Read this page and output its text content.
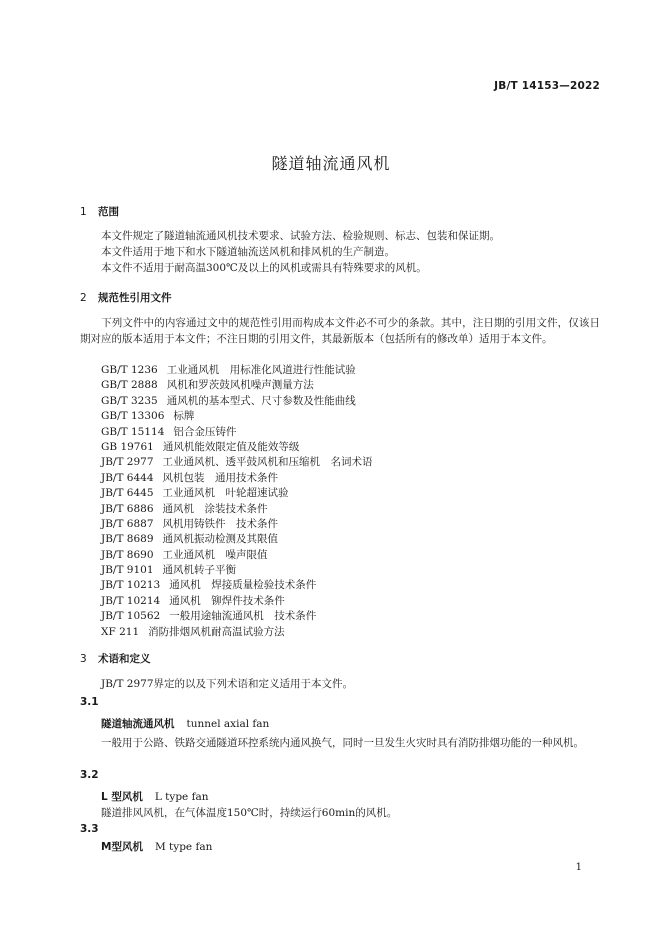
JB/T 14153—2022
隧道轴流通风机
1 范围
本文件规定了隧道轴流通风机技术要求、试验方法、检验规则、标志、包装和保证期。
本文件适用于地下和水下隧道轴流送风机和排风机的生产制造。
本文件不适用于耐高温300℃及以上的风机或需具有特殊要求的风机。
2 规范性引用文件
下列文件中的内容通过文中的规范性引用而构成本文件必不可少的条款。其中，注日期的引用文件，仅该日期对应的版本适用于本文件；不注日期的引用文件，其最新版本（包括所有的修改单）适用于本文件。
GB/T 1236 工业通风机　用标准化风道进行性能试验
GB/T 2888 风机和罗茨鼓风机噪声测量方法
GB/T 3235 通风机的基本型式、尺寸参数及性能曲线
GB/T 13306 标牌
GB/T 15114 铝合金压铸件
GB 19761 通风机能效限定值及能效等级
JB/T 2977 工业通风机、透平鼓风机和压缩机　名词术语
JB/T 6444 风机包装　通用技术条件
JB/T 6445 工业通风机　叶轮超速试验
JB/T 6886 通风机　涂装技术条件
JB/T 6887 风机用铸铁件　技术条件
JB/T 8689 通风机振动检测及其限值
JB/T 8690 工业通风机　噪声限值
JB/T 9101 通风机转子平衡
JB/T 10213 通风机　焊接质量检验技术条件
JB/T 10214 通风机　铆焊件技术条件
JB/T 10562 一般用途轴流通风机　技术条件
XF 211 消防排烟风机耐高温试验方法
3 术语和定义
JB/T 2977界定的以及下列术语和定义适用于本文件。
3.1
隧道轴流通风机 tunnel axial fan
一般用于公路、铁路交通隧道环控系统内通风换气，同时一旦发生火灾时具有消防排烟功能的一种风机。
3.2
L 型风机 L type fan
隧道排风风机，在气体温度150℃时，持续运行60min的风机。
3.3
M型风机 M type fan
1
